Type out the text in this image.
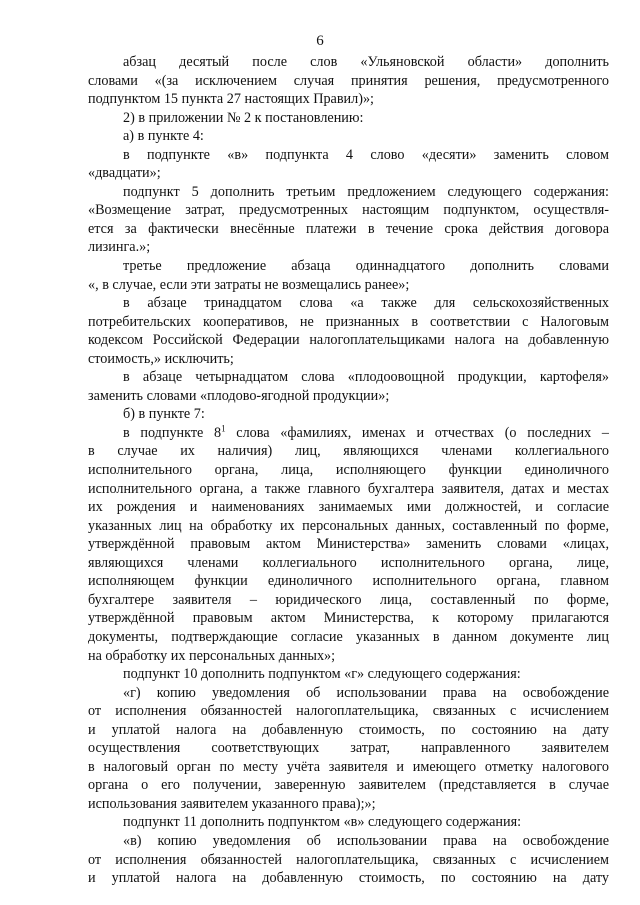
6
абзац десятый после слов «Ульяновской области» дополнить
словами «(за исключением случая принятия решения, предусмотренного
подпунктом 15 пункта 27 настоящих Правил)»;
2) в приложении № 2 к постановлению:
а) в пункте 4:
в подпункте «в» подпункта 4 слово «десяти» заменить словом
«двадцати»;
подпункт 5 дополнить третьим предложением следующего содержания:
«Возмещение затрат, предусмотренных настоящим подпунктом, осуществля-
ется за фактически внесённые платежи в течение срока действия договора
лизинга.»;
третье предложение абзаца одиннадцатого дополнить словами
«, в случае, если эти затраты не возмещались ранее»;
в абзаце тринадцатом слова «а также для сельскохозяйственных
потребительских кооперативов, не признанных в соответствии с Налоговым
кодексом Российской Федерации налогоплательщиками налога на добавленную
стоимость,» исключить;
в абзаце четырнадцатом слова «плодоовощной продукции, картофеля»
заменить словами «плодово-ягодной продукции»;
б) в пункте 7:
в подпункте $8^1$ слова «фамилиях, именах и отчествах (о последних –
в случае их наличия) лиц, являющихся членами коллегиального
исполнительного органа, лица, исполняющего функции единоличного
исполнительного органа, а также главного бухгалтера заявителя, датах и местах
их рождения и наименованиях занимаемых ими должностей, и согласие
указанных лиц на обработку их персональных данных, составленный по форме,
утверждённой правовым актом Министерства» заменить словами «лицах,
являющихся членами коллегиального исполнительного органа, лице,
исполняющем функции единоличного исполнительного органа, главном
бухгалтере заявителя – юридического лица, составленный по форме,
утверждённой правовым актом Министерства, к которому прилагаются
документы, подтверждающие согласие указанных в данном документе лиц
на обработку их персональных данных»;
подпункт 10 дополнить подпунктом «г» следующего содержания:
«г) копию уведомления об использовании права на освобождение
от исполнения обязанностей налогоплательщика, связанных с исчислением
и уплатой налога на добавленную стоимость, по состоянию на дату
осуществления соответствующих затрат, направленного заявителем
в налоговый орган по месту учёта заявителя и имеющего отметку налогового
органа о его получении, заверенную заявителем (представляется в случае
использования заявителем указанного права);»;
подпункт 11 дополнить подпунктом «в» следующего содержания:
«в) копию уведомления об использовании права на освобождение
от исполнения обязанностей налогоплательщика, связанных с исчислением
и уплатой налога на добавленную стоимость, по состоянию на дату
